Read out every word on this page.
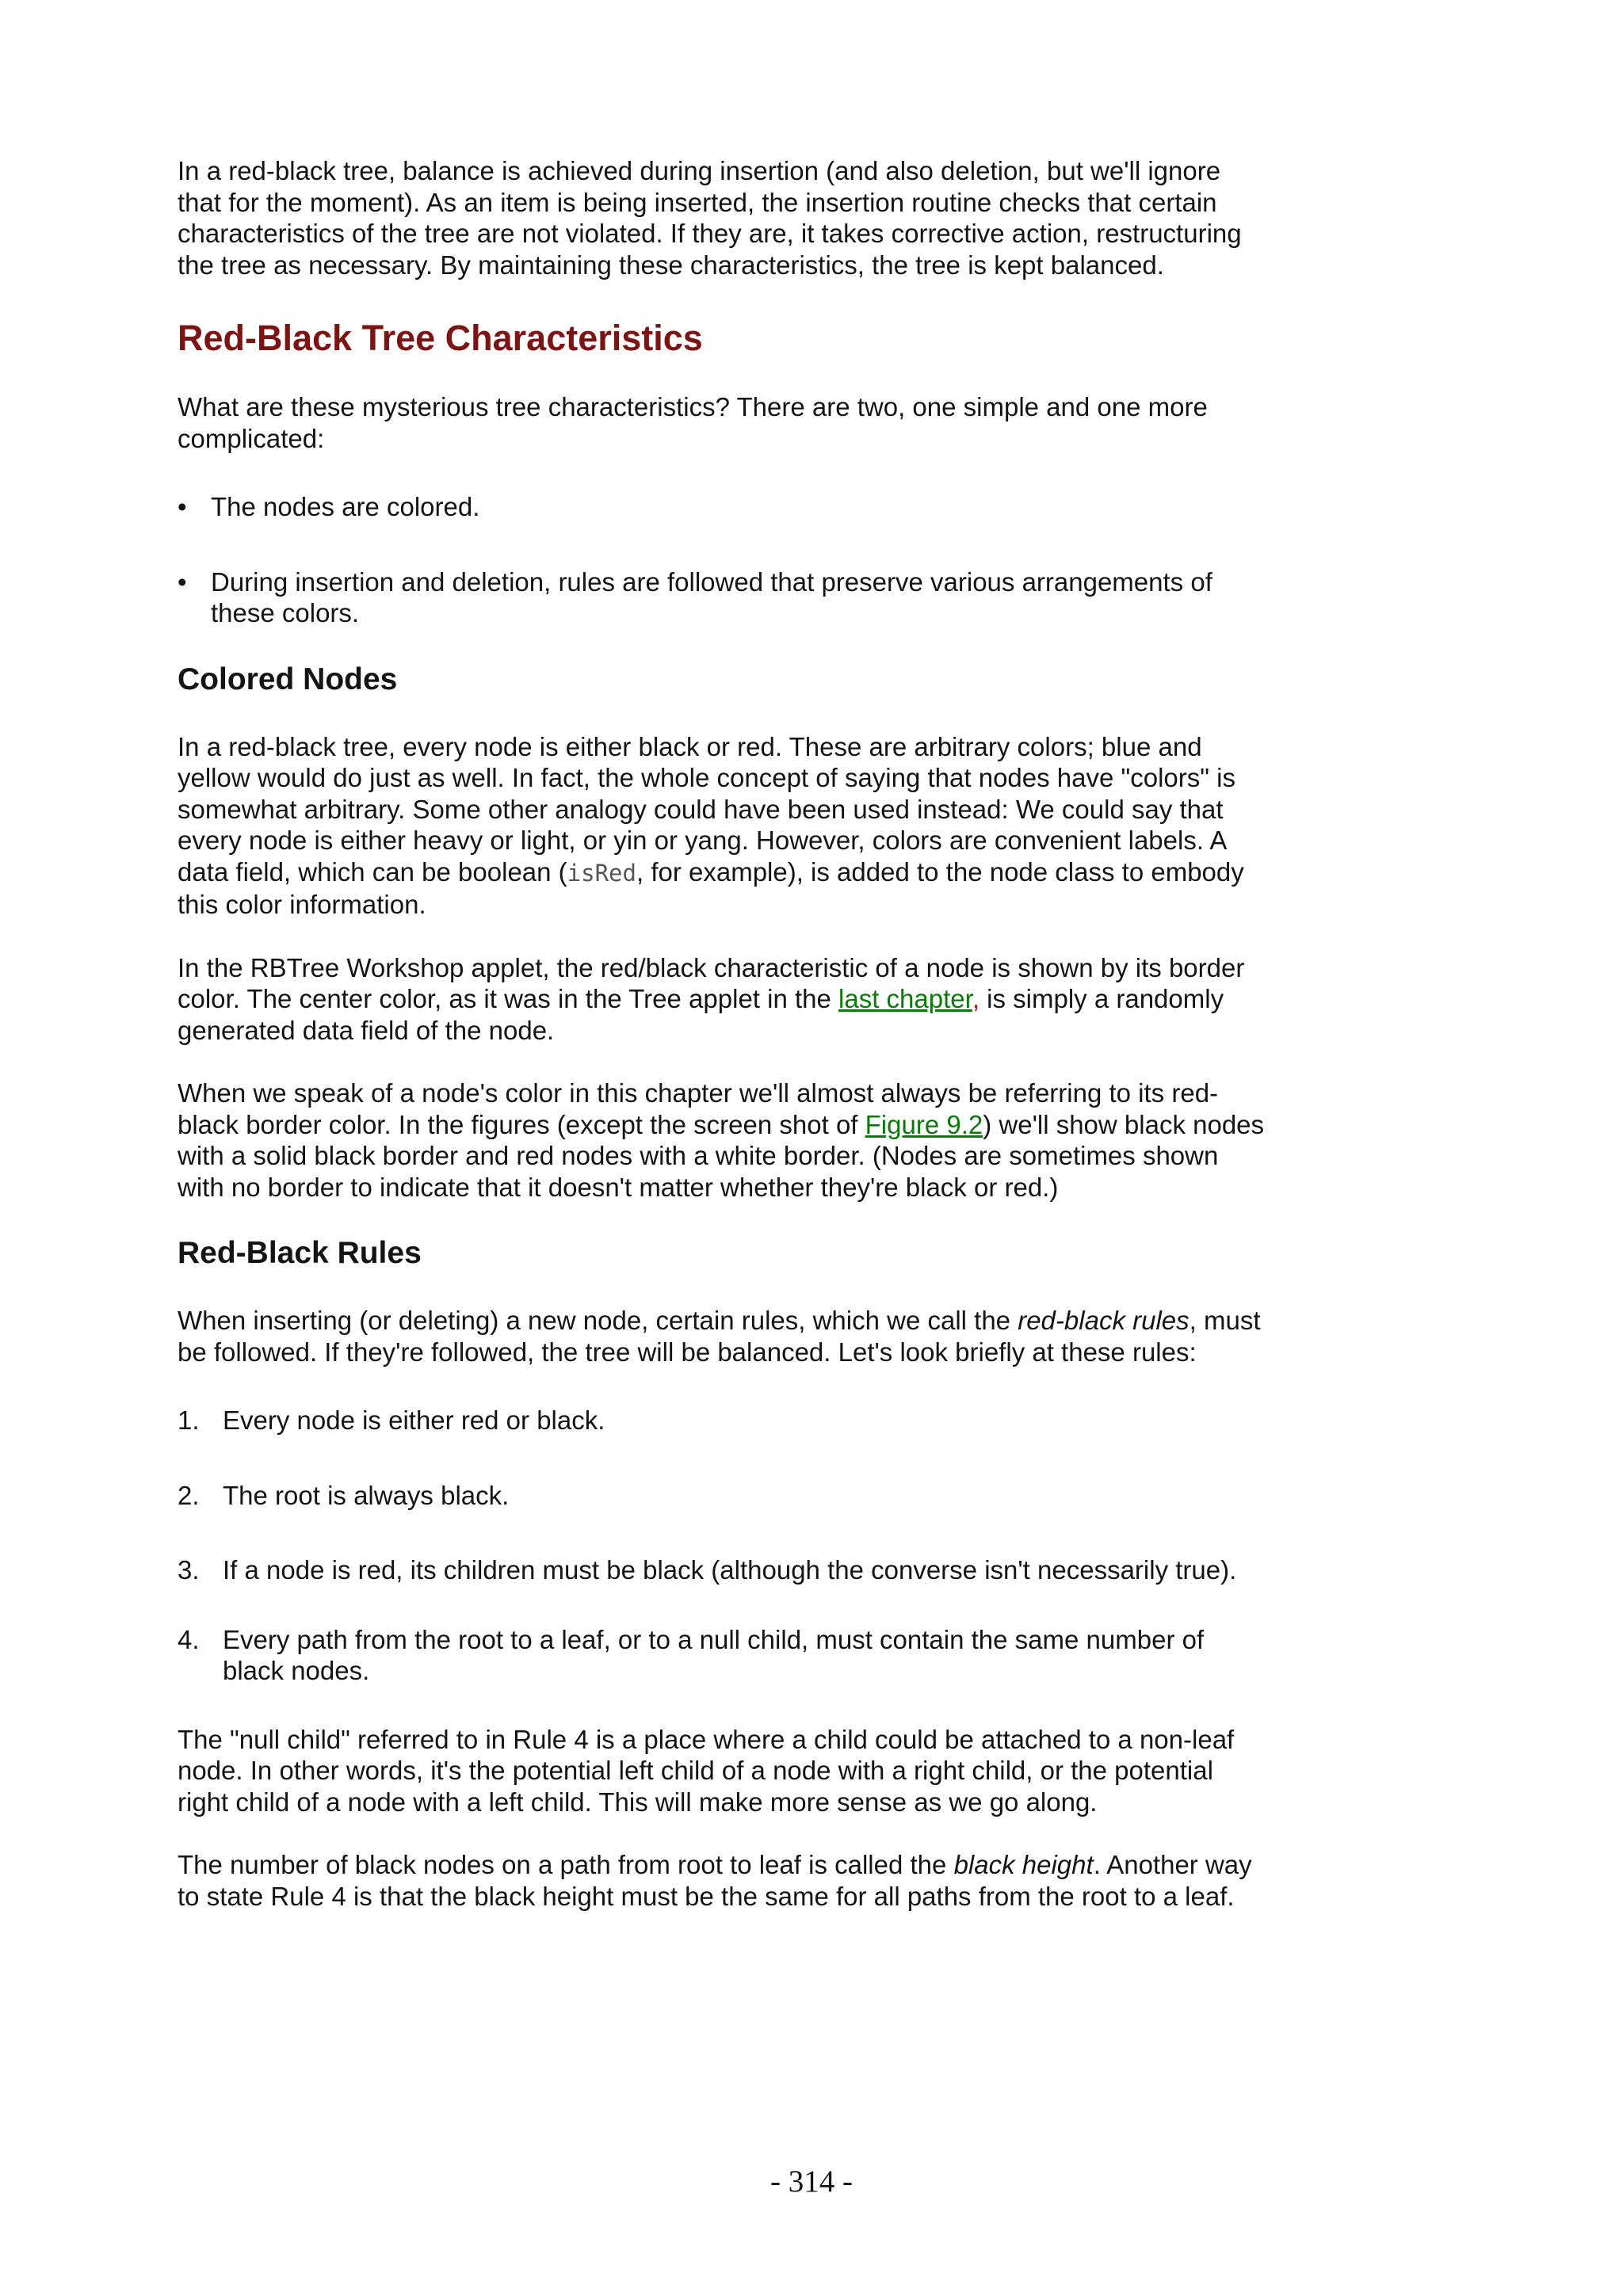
In a red-black tree, balance is achieved during insertion (and also deletion, but we'll ignore that for the moment). As an item is being inserted, the insertion routine checks that certain characteristics of the tree are not violated. If they are, it takes corrective action, restructuring the tree as necessary. By maintaining these characteristics, the tree is kept balanced.

Red-Black Tree Characteristics

What are these mysterious tree characteristics? There are two, one simple and one more complicated:

• The nodes are colored.
• During insertion and deletion, rules are followed that preserve various arrangements of these colors.
Colored Nodes

In a red-black tree, every node is either black or red. These are arbitrary colors; blue and yellow would do just as well. In fact, the whole concept of saying that nodes have "colors" is somewhat arbitrary. Some other analogy could have been used instead: We could say that every node is either heavy or light, or yin or yang. However, colors are convenient labels. A data field, which can be boolean (isRed, for example), is added to the node class to embody this color information.

In the RBTree Workshop applet, the red/black characteristic of a node is shown by its border color. The center color, as it was in the Tree applet in the last chapter, is simply a randomly generated data field of the node.

When we speak of a node's color in this chapter we'll almost always be referring to its red-black border color. In the figures (except the screen shot of Figure 9.2) we'll show black nodes with a solid black border and red nodes with a white border. (Nodes are sometimes shown with no border to indicate that it doesn't matter whether they're black or red.)

Red-Black Rules

When inserting (or deleting) a new node, certain rules, which we call the red-black rules, must be followed. If they're followed, the tree will be balanced. Let's look briefly at these rules:

1. Every node is either red or black.
2. The root is always black.
3. If a node is red, its children must be black (although the converse isn't necessarily true).
4. Every path from the root to a leaf, or to a null child, must contain the same number of black nodes.

The "null child" referred to in Rule 4 is a place where a child could be attached to a non-leaf node. In other words, it's the potential left child of a node with a right child, or the potential right child of a node with a left child. This will make more sense as we go along.

The number of black nodes on a path from root to leaf is called the black height. Another way to state Rule 4 is that the black height must be the same for all paths from the root to a leaf.

- 314 -
